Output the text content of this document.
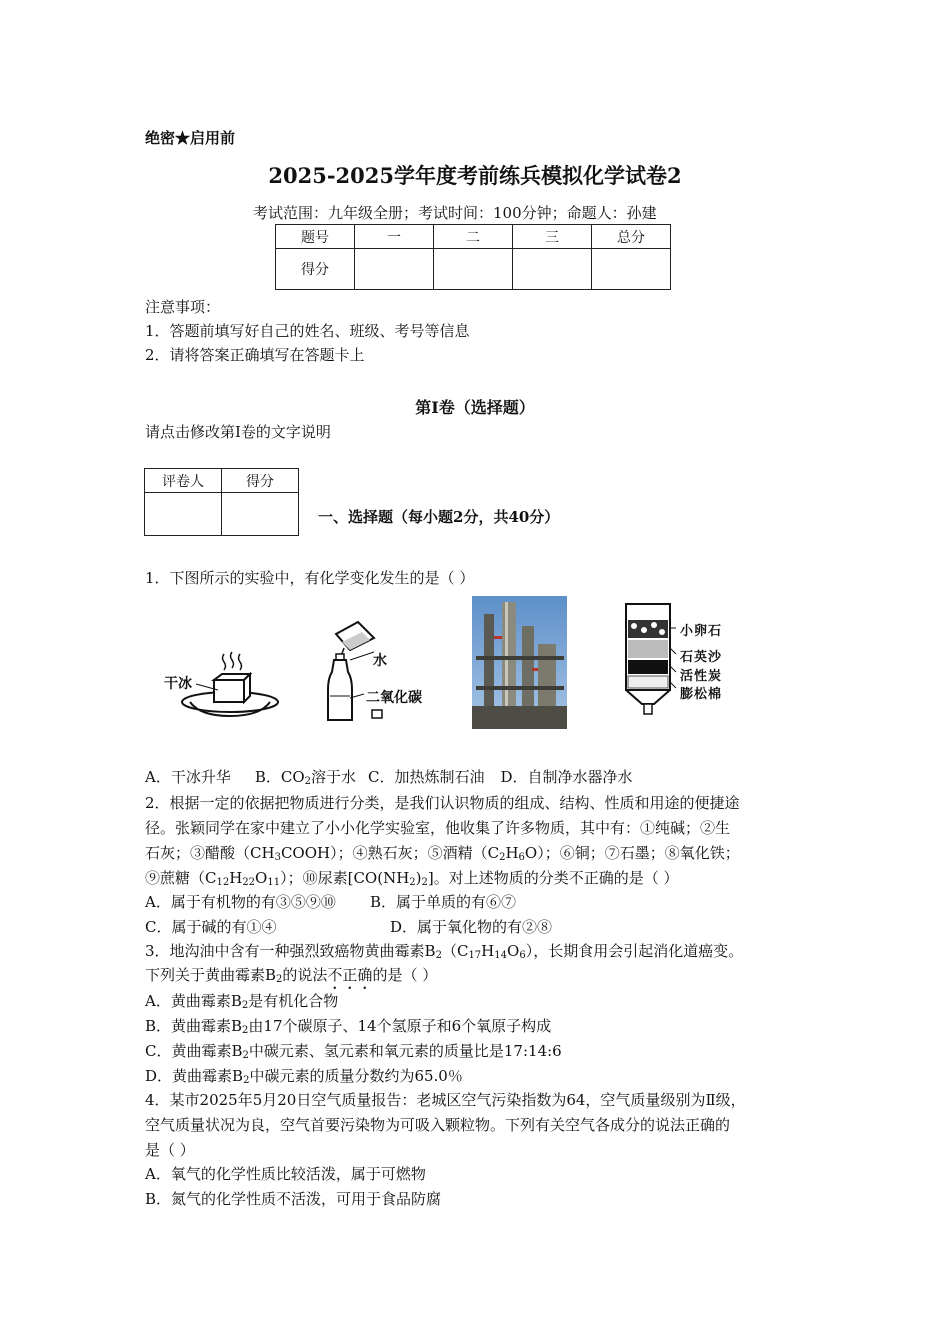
绝密★启用前
2025-2025学年度考前练兵模拟化学试卷2
考试范围：九年级全册；考试时间：100分钟；命题人：孙建
题号	一	二	三	总分
得分				
注意事项：
1．答题前填写好自己的姓名、班级、考号等信息
2．请将答案正确填写在答题卡上
第I卷（选择题）
请点击修改第I卷的文字说明
评卷人	得分

一、选择题（每小题2分，共40分）
1．下图所示的实验中，有化学变化发生的是（ ）
干冰
水
二氧化碳
小卵石
石英沙
活性炭
膨松棉
A．干冰升华 B．$CO_2$溶于水 C．加热炼制石油 D．自制净水器净水
2．根据一定的依据把物质进行分类，是我们认识物质的组成、结构、性质和用途的便捷途
径。张颖同学在家中建立了小小化学实验室，他收集了许多物质，其中有：①纯碱；②生
石灰；③醋酸$(CH_3COOH)$；④熟石灰；⑤酒精$(C_2H_6O)$；⑥铜；⑦石墨；⑧氧化铁；
⑨蔗糖$(C_{12}H_{22}O_{11})$；⑩尿素$[CO(NH_2)_2]$。对上述物质的分类不正确的是（ ）
A．属于有机物的有③⑤⑨⑩ B．属于单质的有⑥⑦
C．属于碱的有①④	D．属于氧化物的有②⑧
3．地沟油中含有一种强烈致癌物黄曲霉素$B_2(C_{17}H_{14}O_6)$，长期食用会引起消化道癌变。
下列关于黄曲霉素$B_2$的说法不正确的是（ ）
A．黄曲霉素$B_2$是有机化合物
B．黄曲霉素$B_2$由17个碳原子、14个氢原子和6个氧原子构成
C．黄曲霉素$B_2$中碳元素、氢元素和氧元素的质量比是17:14:6
D．黄曲霉素$B_2$中碳元素的质量分数约为65.0％
4．某市2025年5月20日空气质量报告：老城区空气污染指数为64，空气质量级别为Ⅱ级，
空气质量状况为良，空气首要污染物为可吸入颗粒物。下列有关空气各成分的说法正确的
是（ ）
A．氧气的化学性质比较活泼，属于可燃物
B．氮气的化学性质不活泼，可用于食品防腐
